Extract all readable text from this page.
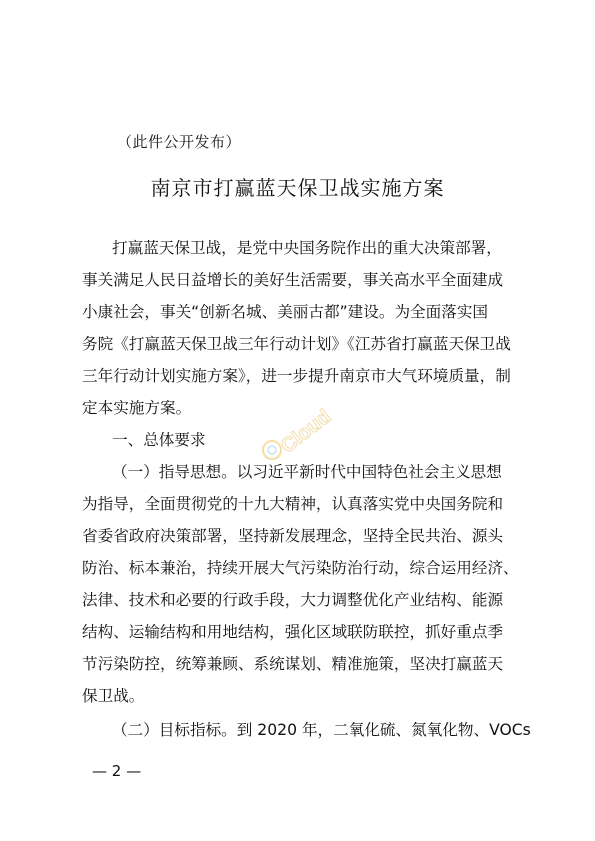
（此件公开发布）
南京市打赢蓝天保卫战实施方案
打赢蓝天保卫战，是党中央国务院作出的重大决策部署，
事关满足人民日益增长的美好生活需要，事关高水平全面建成
小康社会，事关“创新名城、美丽古都”建设。为全面落实国
务院《打赢蓝天保卫战三年行动计划》《江苏省打赢蓝天保卫战
三年行动计划实施方案》，进一步提升南京市大气环境质量，制
定本实施方案。
一、总体要求
（一）指导思想。以习近平新时代中国特色社会主义思想
为指导，全面贯彻党的十九大精神，认真落实党中央国务院和
省委省政府决策部署，坚持新发展理念，坚持全民共治、源头
防治、标本兼治，持续开展大气污染防治行动，综合运用经济、
法律、技术和必要的行政手段，大力调整优化产业结构、能源
结构、运输结构和用地结构，强化区域联防联控，抓好重点季
节污染防控，统筹兼顾、系统谋划、精准施策，坚决打赢蓝天
保卫战。
（二）目标指标。到 2020 年，二氧化硫、氮氧化物、VOCs
Cloud
— 2 —
